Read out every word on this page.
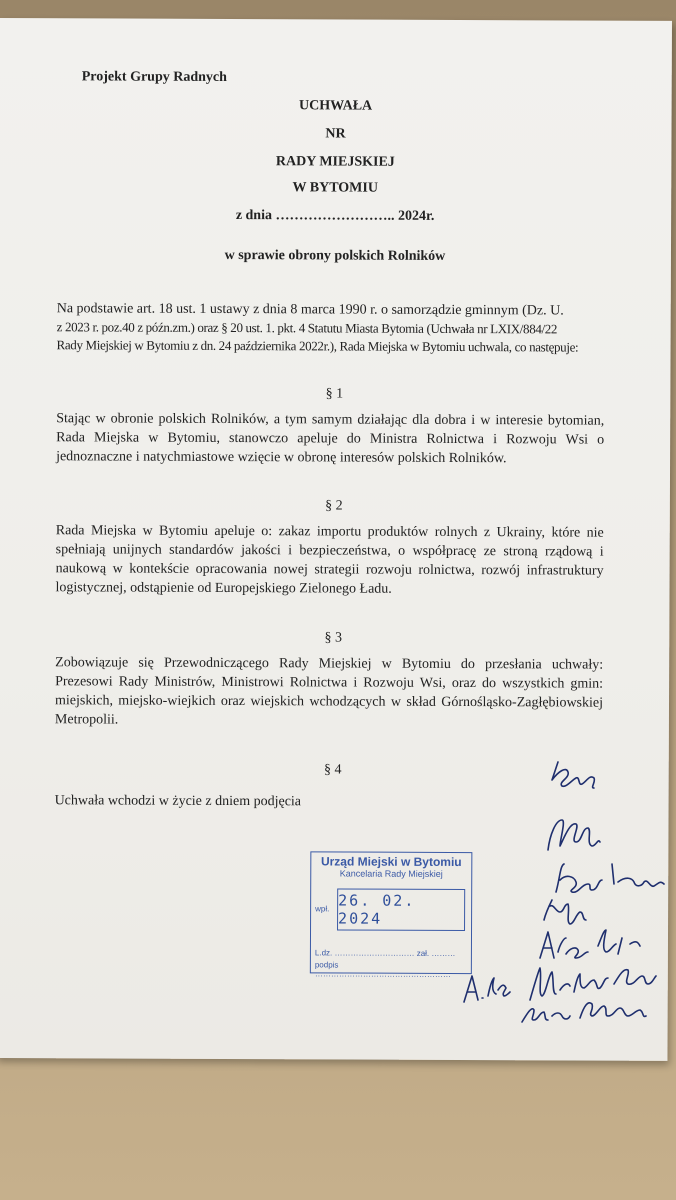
Projekt Grupy Radnych
UCHWAŁA
NR
RADY MIEJSKIEJ
W BYTOMIU
z dnia …………………….. 2024r.
w sprawie obrony polskich Rolników
Na podstawie art. 18 ust. 1 ustawy z dnia 8 marca 1990 r. o samorządzie gminnym (Dz. U.
z 2023 r. poz.40 z późn.zm.) oraz § 20 ust. 1. pkt. 4 Statutu Miasta Bytomia (Uchwała nr LXIX/884/22
Rady Miejskiej w Bytomiu z dn. 24 października 2022r.), Rada Miejska w Bytomiu uchwala, co następuje:
§ 1
Stając w obronie polskich Rolników, a tym samym działając dla dobra i w interesie bytomian, Rada Miejska w Bytomiu, stanowczo apeluje do Ministra Rolnictwa i Rozwoju Wsi o jednoznaczne i natychmiastowe wzięcie w obronę interesów polskich Rolników.
§ 2
Rada Miejska w Bytomiu apeluje o: zakaz importu produktów rolnych z Ukrainy, które nie spełniają unijnych standardów jakości i bezpieczeństwa, o współpracę ze stroną rządową i naukową w kontekście opracowania nowej strategii rozwoju rolnictwa, rozwój infrastruktury logistycznej, odstąpienie od Europejskiego Zielonego Ładu.
§ 3
Zobowiązuje się Przewodniczącego Rady Miejskiej w Bytomiu do przesłania uchwały: Prezesowi Rady Ministrów, Ministrowi Rolnictwa i Rozwoju Wsi, oraz do wszystkich gmin: miejskich, miejsko-wiejkich oraz wiejskich wchodzących w skład Górnośląsko-Zagłębiowskiej Metropolii.
§ 4
Uchwała wchodzi w życie z dniem podjęcia
Urząd Miejski w Bytomiu
Kancelaria Rady Miejskiej
wpł. 26. 02. 2024
L.dz. ………………………… zał. ………
podpis ……………………………………………
